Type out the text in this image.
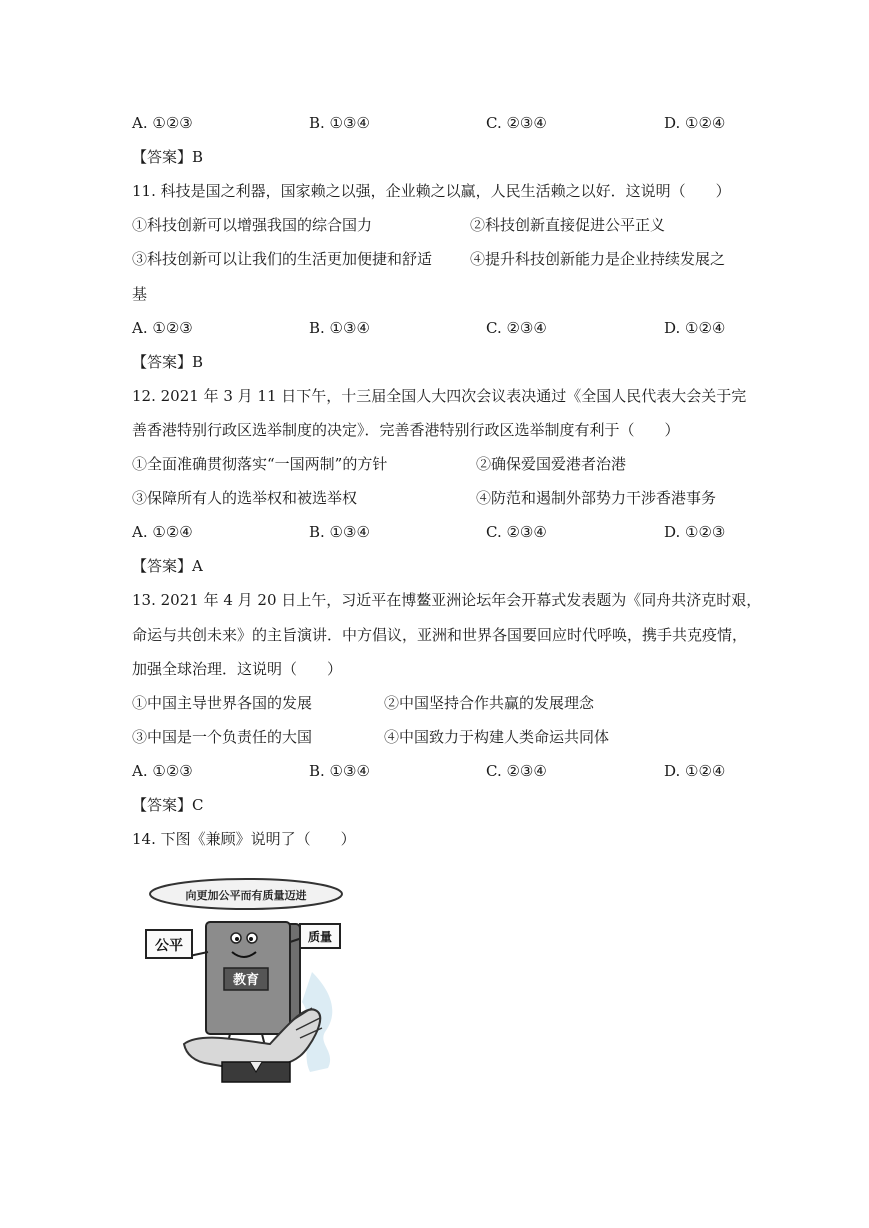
A. ①②③	B. ①③④	C. ②③④	D. ①②④
【答案】B
11. 科技是国之利器，国家赖之以强，企业赖之以赢，人民生活赖之以好．这说明（　　）
①科技创新可以增强我国的综合国力	②科技创新直接促进公平正义
③科技创新可以让我们的生活更加便捷和舒适	④提升科技创新能力是企业持续发展之
基
A. ①②③	B. ①③④	C. ②③④	D. ①②④
【答案】B
12. 2021 年 3 月 11 日下午，十三届全国人大四次会议表决通过《全国人民代表大会关于完
善香港特别行政区选举制度的决定》．完善香港特别行政区选举制度有利于（　　）
①全面准确贯彻落实“一国两制”的方针	②确保爱国爱港者治港
③保障所有人的选举权和被选举权	④防范和遏制外部势力干涉香港事务
A. ①②④	B. ①③④	C. ②③④	D. ①②③
【答案】A
13. 2021 年 4 月 20 日上午，习近平在博鳌亚洲论坛年会开幕式发表题为《同舟共济克时艰，
命运与共创未来》的主旨演讲．中方倡议，亚洲和世界各国要回应时代呼唤，携手共克疫情，
加强全球治理．这说明（　　）
①中国主导世界各国的发展	②中国坚持合作共赢的发展理念
③中国是一个负责任的大国	④中国致力于构建人类命运共同体
A. ①②③	B. ①③④	C. ②③④	D. ①②④
【答案】C
14. 下图《兼顾》说明了（　　）
向更加公平而有质量迈进
教育
公平
质量
